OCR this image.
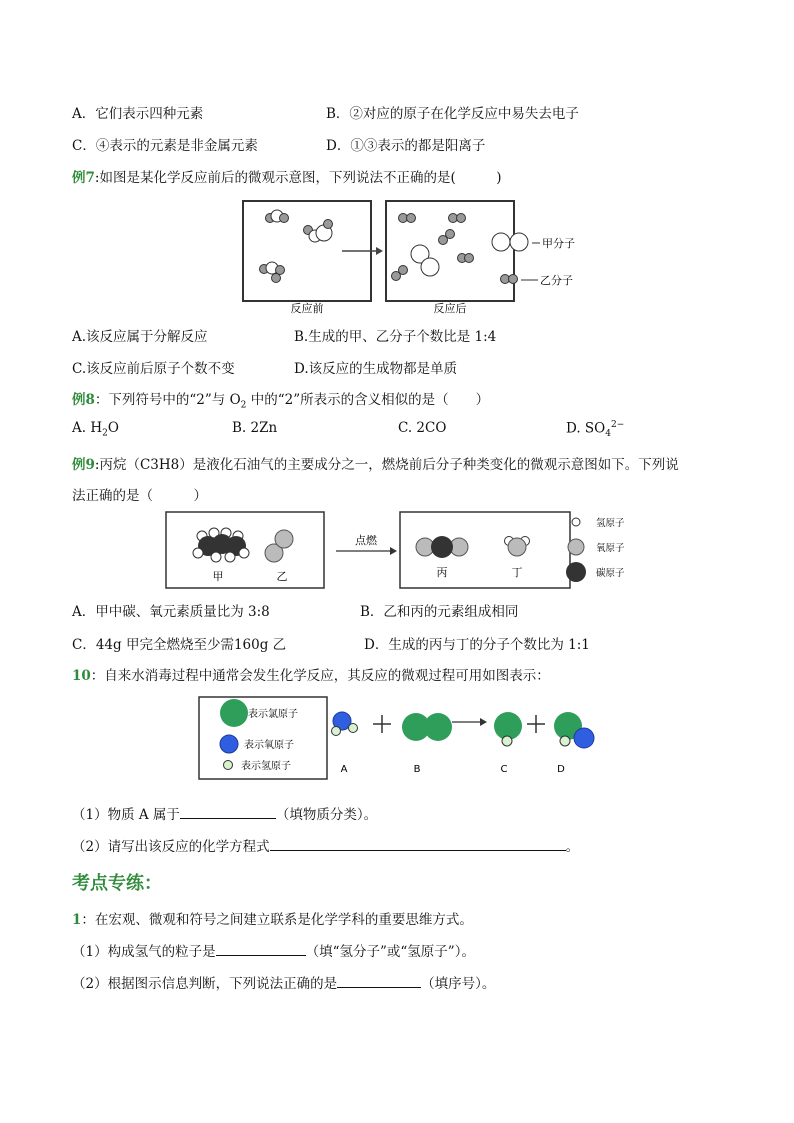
A．它们表示四种元素	B．②对应的原子在化学反应中易失去电子
C．④表示的元素是非金属元素	D．①③表示的都是阳离子
例7:如图是某化学反应前后的微观示意图，下列说法不正确的是(　　　)
甲分子
乙分子
反应前	反应后
A.该反应属于分解反应	B.生成的甲、乙分子个数比是 1:4
C.该反应前后原子个数不变	D.该反应的生成物都是单质
例8：下列符号中的“2”与 $O_2$ 中的“2”所表示的含义相似的是（　　）
A. $H_2O$	B. 2Zn	C. 2CO	D. $SO_4^{2-}$
例9:丙烷（C3H8）是液化石油气的主要成分之一，燃烧前后分子种类变化的微观示意图如下。下列说
法正确的是（　　　）
甲	乙
点燃
丙	丁
氢原子
氧原子
碳原子
A．甲中碳、氧元素质量比为 3:8	B．乙和丙的元素组成相同
C．44g 甲完全燃烧至少需160g 乙	D．生成的丙与丁的分子个数比为 1:1
10：自来水消毒过程中通常会发生化学反应，其反应的微观过程可用如图表示：
表示氯原子
表示氧原子
表示氢原子	A	B	C	D
（1）物质 A 属于	（填物质分类）。
（2）请写出该反应的化学方程式	。
考点专练：
1：在宏观、微观和符号之间建立联系是化学学科的重要思维方式。
（1）构成氢气的粒子是	（填“氢分子”或“氢原子”）。
（2）根据图示信息判断，下列说法正确的是	（填序号）。
